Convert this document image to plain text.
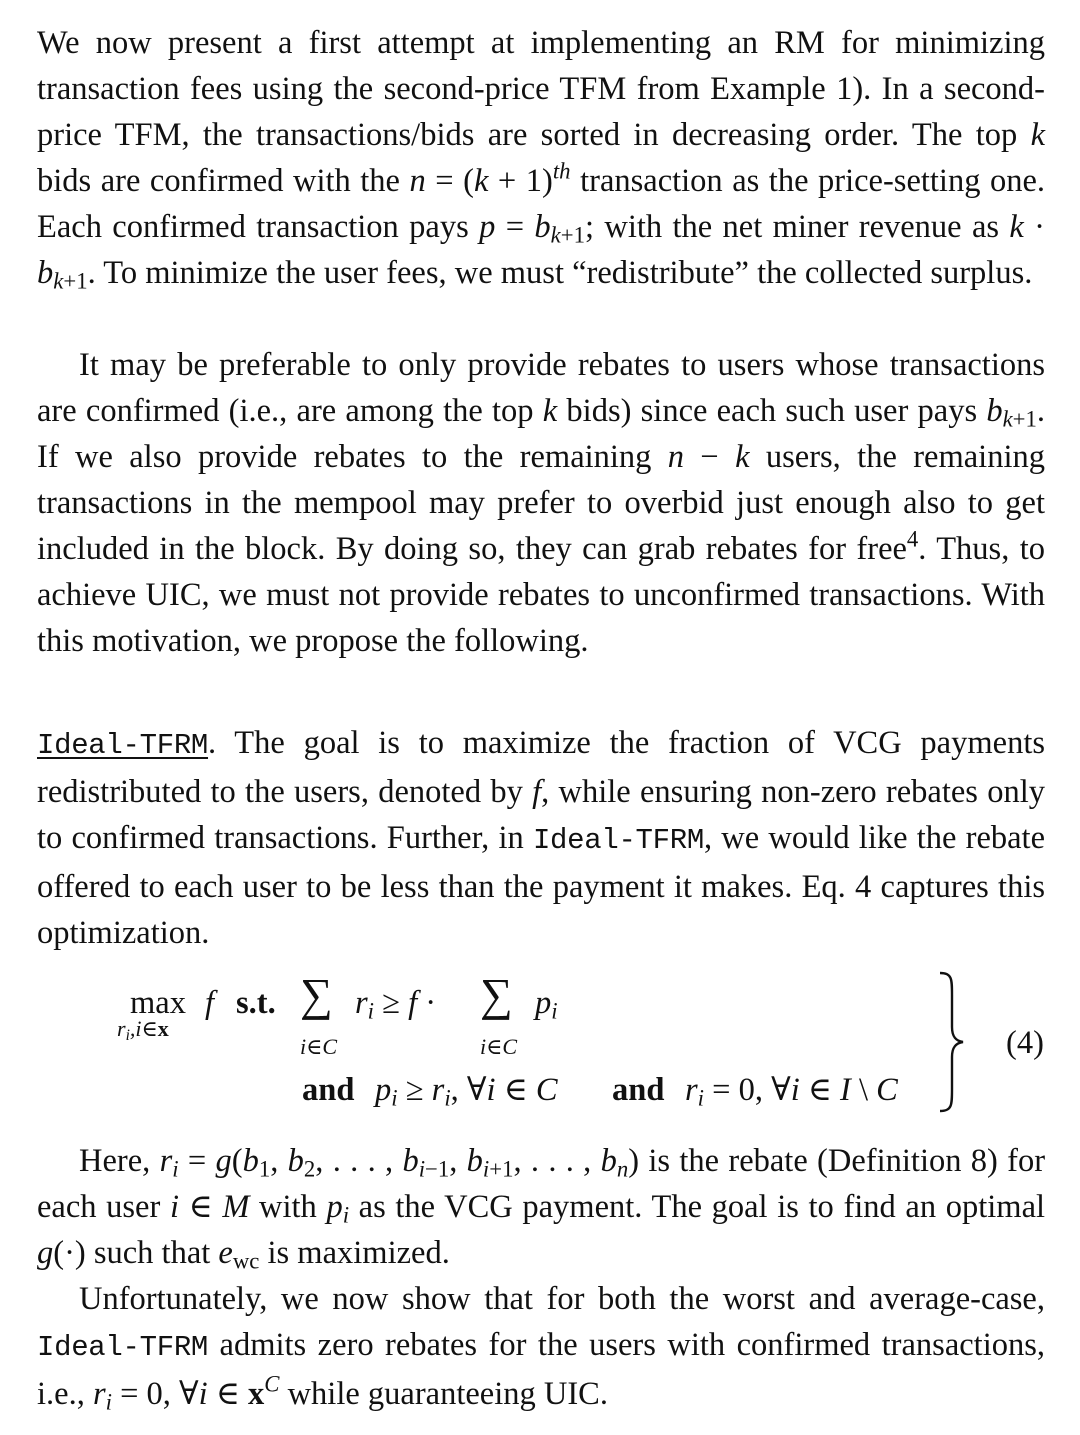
We now present a first attempt at implementing an RM for minimizing transaction fees using the second-price TFM from Example 1). In a second-price TFM, the transactions/bids are sorted in decreasing order. The top k bids are confirmed with the $n = (k + 1)^{th}$ transaction as the price-setting one. Each confirmed transaction pays $p = b_{k+1}$; with the net miner revenue as $k \cdot b_{k+1}$. To minimize the user fees, we must “redistribute” the collected surplus.

It may be preferable to only provide rebates to users whose transactions are confirmed (i.e., are among the top k bids) since each such user pays $b_{k+1}$. If we also provide rebates to the remaining n − k users, the remaining transactions in the mempool may prefer to overbid just enough also to get included in the block. By doing so, they can grab rebates for free$^4$. Thus, to achieve UIC, we must not provide rebates to unconfirmed transactions. With this motivation, we propose the following.

Ideal-TFRM. The goal is to maximize the fraction of VCG payments redistributed to the users, denoted by f, while ensuring non-zero rebates only to confirmed transactions. Further, in Ideal-TFRM, we would like the rebate offered to each user to be less than the payment it makes. Eq. 4 captures this optimization.

max
$r_i,i\in x$
f s.t. ∑
i∈C
$r_i \ge f$ · ∑
i∈C
$p_i$
and $p_i \ge r_i$, ∀i ∈ C and $r_i = 0$, ∀i ∈ I \ C
(4)

Here, $r_i = g(b_1$, $b_2$, . . . , $b_{i-1}$, $b_{i+1}$, . . . , $b_n$) is the rebate (Definition 8) for each user i ∈ M with $p_i$ as the VCG payment. The goal is to find an optimal g(·) such that $e_{wc}$ is maximized.

Unfortunately, we now show that for both the worst and average-case, Ideal-TFRM admits zero rebates for the users with confirmed transactions, i.e., $r_i = 0$, ∀i ∈ $x^C$ while guaranteeing UIC.
